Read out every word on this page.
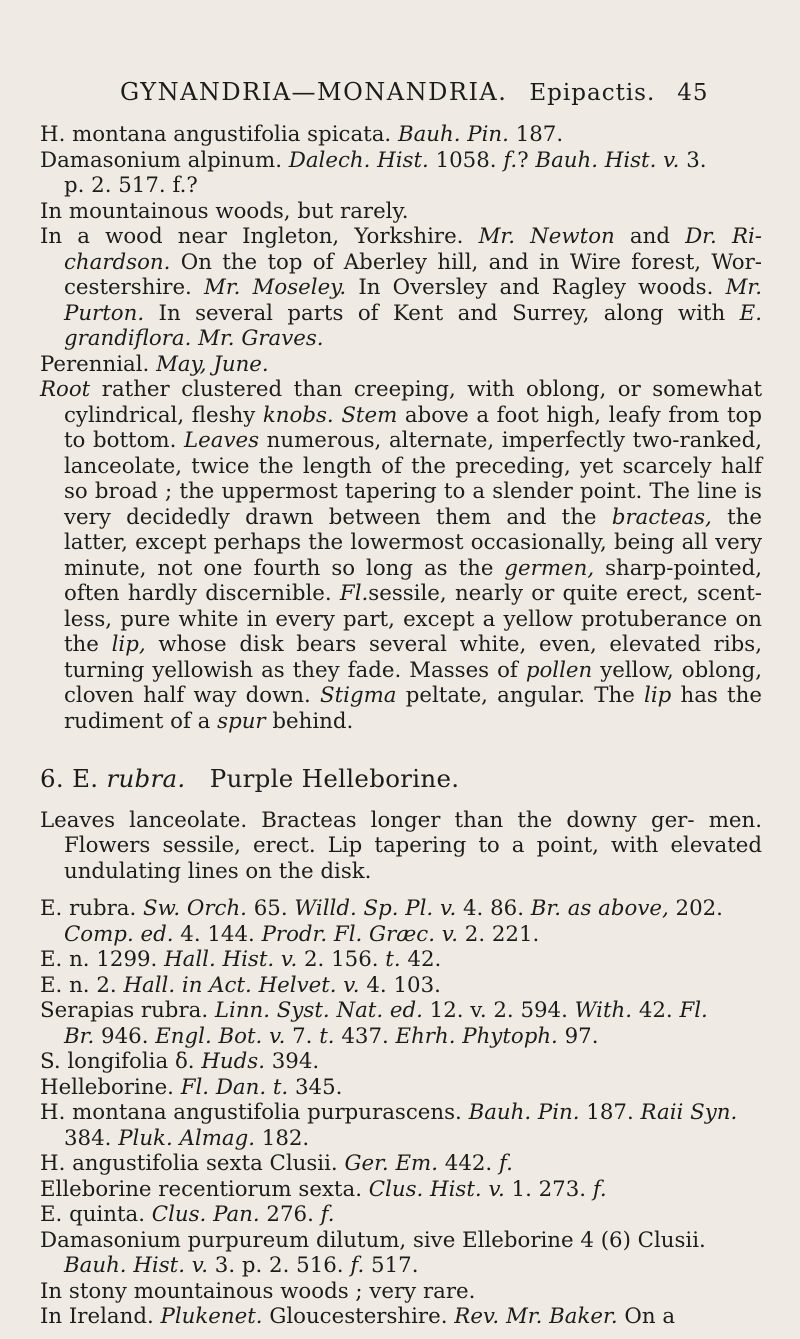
GYNANDRIA—MONANDRIA. Epipactis. 45

H. montana angustifolia spicata. Bauh. Pin. 187.

Damasonium alpinum. Dalech. Hist. 1058. f.? Bauh. Hist. v. 3.
p. 2. 517. f.?

In mountainous woods, but rarely.

In a wood near Ingleton, Yorkshire. Mr. Newton and Dr. Ri- chardson. On the top of Aberley hill, and in Wire forest, Wor- cestershire. Mr. Moseley. In Oversley and Ragley woods. Mr. Purton. In several parts of Kent and Surrey, along with E. grandiflora. Mr. Graves.

Perennial. May, June.

Root rather clustered than creeping, with oblong, or somewhat cylindrical, fleshy knobs. Stem above a foot high, leafy from top to bottom. Leaves numerous, alternate, imperfectly two-ranked, lanceolate, twice the length of the preceding, yet scarcely half so broad ; the uppermost tapering to a slender point. The line is very decidedly drawn between them and the bracteas, the latter, except perhaps the lowermost occasionally, being all very minute, not one fourth so long as the germen, sharp-pointed, often hardly discernible. Fl.sessile, nearly or quite erect, scent- less, pure white in every part, except a yellow protuberance on the lip, whose disk bears several white, even, elevated ribs, turning yellowish as they fade. Masses of pollen yellow, oblong, cloven half way down. Stigma peltate, angular. The lip has the rudiment of a spur behind.

6. E. rubra. Purple Helleborine.

Leaves lanceolate. Bracteas longer than the downy ger- men. Flowers sessile, erect. Lip tapering to a point, with elevated undulating lines on the disk.

E. rubra. Sw. Orch. 65. Willd. Sp. Pl. v. 4. 86. Br. as above, 202.
Comp. ed. 4. 144. Prodr. Fl. Græc. v. 2. 221.

E. n. 1299. Hall. Hist. v. 2. 156. t. 42.

E. n. 2. Hall. in Act. Helvet. v. 4. 103.

Serapias rubra. Linn. Syst. Nat. ed. 12. v. 2. 594. With. 42. Fl.
Br. 946. Engl. Bot. v. 7. t. 437. Ehrh. Phytoph. 97.

S. longifolia δ. Huds. 394.

Helleborine. Fl. Dan. t. 345.

H. montana angustifolia purpurascens. Bauh. Pin. 187. Raii Syn.
384. Pluk. Almag. 182.

H. angustifolia sexta Clusii. Ger. Em. 442. f.

Elleborine recentiorum sexta. Clus. Hist. v. 1. 273. f.

E. quinta. Clus. Pan. 276. f.

Damasonium purpureum dilutum, sive Elleborine 4 (6) Clusii.
Bauh. Hist. v. 3. p. 2. 516. f. 517.

In stony mountainous woods ; very rare.

In Ireland. Plukenet. Gloucestershire. Rev. Mr. Baker. On a
